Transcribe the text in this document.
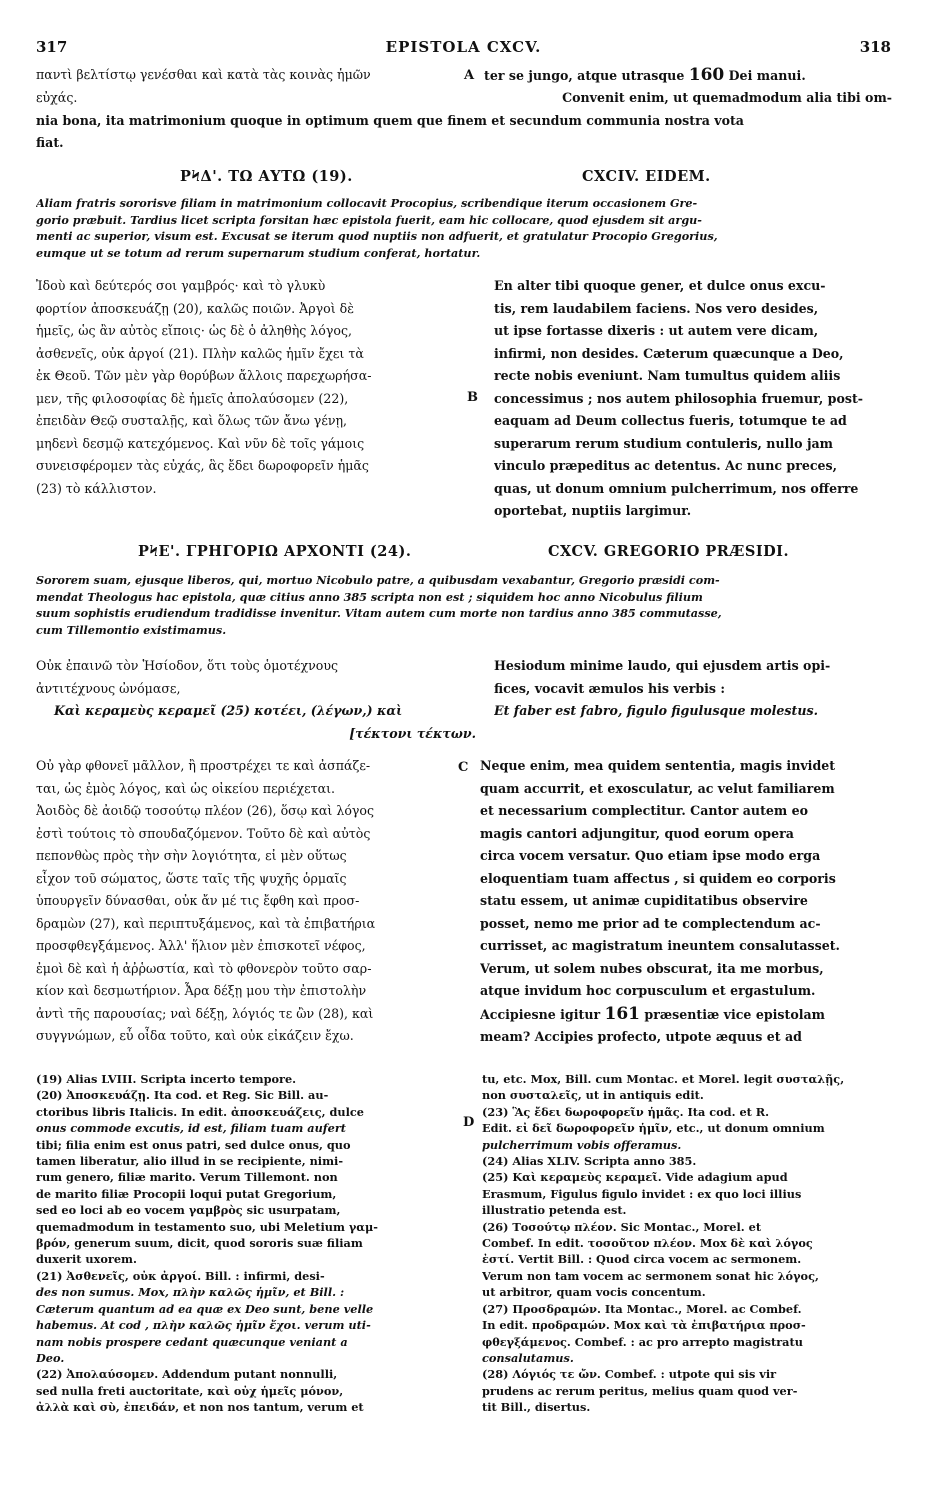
317	EPISTOLA CXCV.	318
παντὶ βελτίστῳ γενέσθαι καὶ κατὰ τὰς κοινὰς ἡμῶν
εὐχάς.
A ter se jungo, atque utrasque 160 Dei manui.
Convenit enim, ut quemadmodum alia tibi om-
nia bona, ita matrimonium quoque in optimum quem que finem et secundum communia nostra vota
fiat.
ΡϞΔ'. ΤΩ ΑΥΤΩ (19).	CXCIV. EIDEM.
Aliam fratris sororisve filiam in matrimonium collocavit Procopius, scribendique iterum occasionem Gre-
gorio præbuit. Tardius licet scripta forsitan hæc epistola fuerit, eam hic collocare, quod ejusdem sit argu-
menti ac superior, visum est. Excusat se iterum quod nuptiis non adfuerit, et gratulatur Procopio Gregorius,
eumque ut se totum ad rerum supernarum studium conferat, hortatur.
Ἰδοὺ καὶ δεύτερός σοι γαμβρός· καὶ τὸ γλυκὺ
φορτίον ἀποσκευάζῃ (20), καλῶς ποιῶν. Ἀργοὶ δὲ
ἡμεῖς, ὡς ἂν αὐτὸς εἴποις· ὡς δὲ ὁ ἀληθὴς λόγος,
ἀσθενεῖς, οὐκ ἀργοί (21). Πλὴν καλῶς ἡμῖν ἔχει τὰ
ἐκ Θεοῦ. Τῶν μὲν γὰρ θορύβων ἄλλοις παρεχωρήσα-
μεν, τῆς φιλοσοφίας δὲ ἡμεῖς ἀπολαύσομεν (22),
ἐπειδὰν Θεῷ συσταλῇς, καὶ ὅλως τῶν ἄνω γένῃ,
μηδενὶ δεσμῷ κατεχόμενος. Καὶ νῦν δὲ τοῖς γάμοις
συνεισφέρομεν τὰς εὐχάς, ἃς ἔδει δωροφορεῖν ἡμᾶς
(23) τὸ κάλλιστον.
B
En alter tibi quoque gener, et dulce onus excu-
tis, rem laudabilem faciens. Nos vero desides,
ut ipse fortasse dixeris : ut autem vere dicam,
infirmi, non desides. Cæterum quæcunque a Deo,
recte nobis eveniunt. Nam tumultus quidem aliis
concessimus ; nos autem philosophia fruemur, post-
eaquam ad Deum collectus fueris, totumque te ad
superarum rerum studium contuleris, nullo jam
vinculo præpeditus ac detentus. Ac nunc preces,
quas, ut donum omnium pulcherrimum, nos offerre
oportebat, nuptiis largimur.
ΡϞΕ'. ΓΡΗΓΟΡΙΩ ΑΡΧΟΝΤΙ (24).	CXCV. GREGORIO PRÆSIDI.
Sororem suam, ejusque liberos, qui, mortuo Nicobulo patre, a quibusdam vexabantur, Gregorio præsidi com-
mendat Theologus hac epistola, quæ citius anno 385 scripta non est ; siquidem hoc anno Nicobulus filium
suum sophistis erudiendum tradidisse invenitur. Vitam autem cum morte non tardius anno 385 commutasse,
cum Tillemontio existimamus.
Οὐκ ἐπαινῶ τὸν Ἡσίοδον, ὅτι τοὺς ὁμοτέχνους
ἀντιτέχνους ὠνόμασε,
Καὶ κεραμεὺς κεραμεῖ (25) κοτέει, (λέγων,) καὶ
[τέκτονι τέκτων.
Hesiodum minime laudo, qui ejusdem artis opi-
fices, vocavit æmulos his verbis :
Et faber est fabro, figulo figulusque molestus.
Οὐ γὰρ φθονεῖ μᾶλλον, ἢ προστρέχει τε καὶ ἀσπάζε-
ται, ὡς ἐμὸς λόγος, καὶ ὡς οἰκείου περιέχεται.
Ἀοιδὸς δὲ ἀοιδῷ τοσούτῳ πλέον (26), ὅσῳ καὶ λόγος
ἐστὶ τούτοις τὸ σπουδαζόμενον. Τοῦτο δὲ καὶ αὐτὸς
πεπονθὼς πρὸς τὴν σὴν λογιότητα, εἰ μὲν οὕτως
εἶχον τοῦ σώματος, ὥστε ταῖς τῆς ψυχῆς ὁρμαῖς
ὑπουργεῖν δύνασθαι, οὐκ ἄν μέ τις ἔφθη καὶ προσ-
δραμὼν (27), καὶ περιπτυξάμενος, καὶ τὰ ἐπιβατήρια
προσφθεγξάμενος. Ἀλλ' ἥλιον μὲν ἐπισκοτεῖ νέφος,
ἐμοὶ δὲ καὶ ἡ ἀῤῥωστία, καὶ τὸ φθονερὸν τοῦτο σαρ-
κίον καὶ δεσμωτήριον. Ἆρα δέξῃ μου τὴν ἐπιστολὴν
ἀντὶ τῆς παρουσίας; ναὶ δέξῃ, λόγιός τε ὢν (28), καὶ
συγγνώμων, εὖ οἶδα τοῦτο, καὶ οὐκ εἰκάζειν ἔχω.
C Neque enim, mea quidem sententia, magis invidet
quam accurrit, et exosculatur, ac velut familiarem
et necessarium complectitur. Cantor autem eo
magis cantori adjungitur, quod eorum opera
circa vocem versatur. Quo etiam ipse modo erga
eloquentiam tuam affectus , si quidem eo corporis
statu essem, ut animæ cupiditatibus observire
posset, nemo me prior ad te complectendum ac-
currisset, ac magistratum ineuntem consalutasset.
Verum, ut solem nubes obscurat, ita me morbus,
atque invidum hoc corpusculum et ergastulum.
Accipiesne igitur 161 præsentiæ vice epistolam
meam? Accipies profecto, utpote æquus et ad
(19) Alias LVIII. Scripta incerto tempore.
(20) Ἀποσκευάζῃ. Ita cod. et Reg. Sic Bill. au-
ctoribus libris Italicis. In edit. ἀποσκευάζεις, dulce
onus commode excutis, id est, filiam tuam aufert
tibi; filia enim est onus patri, sed dulce onus, quo
tamen liberatur, alio illud in se recipiente, nimi-
rum genero, filiæ marito. Verum Tillemont. non
de marito filiæ Procopii loqui putat Gregorium,
sed eo loci ab eo vocem γαμβρὸς sic usurpatam,
quemadmodum in testamento suo, ubi Meletium γαμ-
βρόν, generum suum, dicit, quod sororis suæ filiam
duxerit uxorem.
(21) Ἀσθενεῖς, οὐκ ἀργοί. Bill. : infirmi, desi-
des non sumus. Mox, πλὴν καλῶς ἡμῖν, et Bill. :
Cæterum quantum ad ea quæ ex Deo sunt, bene velle
habemus. At cod , πλὴν καλῶς ἡμῖν ἔχοι. verum uti-
nam nobis prospere cedant quæcunque veniant a
Deo.
(22) Ἀπολαύσομεν. Addendum putant nonnulli,
sed nulla freti auctoritate, καὶ οὐχ ἡμεῖς μόνον,
ἀλλὰ καὶ σὺ, ἐπειδάν, et non nos tantum, verum et
D
tu, etc. Mox, Bill. cum Montac. et Morel. legit συσταλῇς,
non συσταλεῖς, ut in antiquis edit.
(23) Ἃς ἔδει δωροφορεῖν ἡμᾶς. Ita cod. et R.
Edit. εἰ δεῖ δωροφορεῖν ἡμῖν, etc., ut donum omnium
pulcherrimum vobis offeramus.
(24) Alias XLIV. Scripta anno 385.
(25) Καὶ κεραμεὺς κεραμεῖ. Vide adagium apud
Erasmum, Figulus figulo invidet : ex quo loci illius
illustratio petenda est.
(26) Τοσούτῳ πλέον. Sic Montac., Morel. et
Combef. In edit. τοσοῦτον πλέον. Mox δὲ καὶ λόγος
ἐστί. Vertit Bill. : Quod circa vocem ac sermonem.
Verum non tam vocem ac sermonem sonat hic λόγος,
ut arbitror, quam vocis concentum.
(27) Προσδραμών. Ita Montac., Morel. ac Combef.
In edit. προδραμών. Mox καὶ τὰ ἐπιβατήρια προσ-
φθεγξάμενος. Combef. : ac pro arrepto magistratu
consalutamus.
(28) Λόγιός τε ὤν. Combef. : utpote qui sis vir
prudens ac rerum peritus, melius quam quod ver-
tit Bill., disertus.
